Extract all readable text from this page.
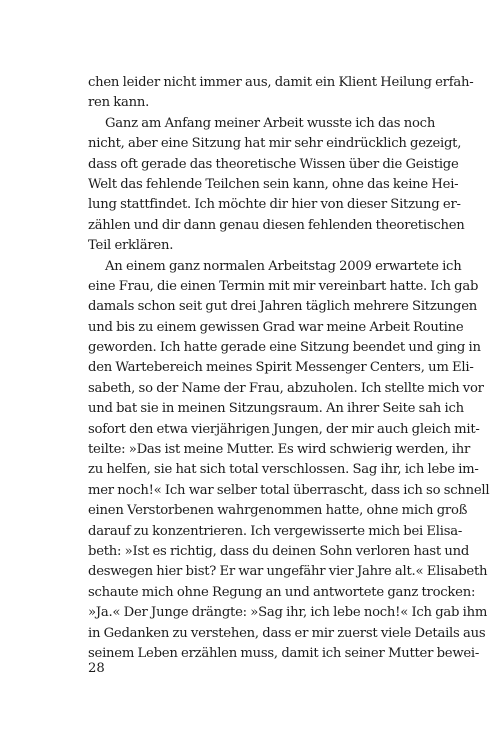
chen leider nicht immer aus, damit ein Klient Heilung erfah-
ren kann.
Ganz am Anfang meiner Arbeit wusste ich das noch
nicht, aber eine Sitzung hat mir sehr eindrücklich gezeigt,
dass oft gerade das theoretische Wissen über die Geistige
Welt das fehlende Teilchen sein kann, ohne das keine Hei-
lung stattfindet. Ich möchte dir hier von dieser Sitzung er-
zählen und dir dann genau diesen fehlenden theoretischen
Teil erklären.
An einem ganz normalen Arbeitstag 2009 erwartete ich
eine Frau, die einen Termin mit mir vereinbart hatte. Ich gab
damals schon seit gut drei Jahren täglich mehrere Sitzungen
und bis zu einem gewissen Grad war meine Arbeit Routine
geworden. Ich hatte gerade eine Sitzung beendet und ging in
den Wartebereich meines Spirit Messenger Centers, um Eli-
sabeth, so der Name der Frau, abzuholen. Ich stellte mich vor
und bat sie in meinen Sitzungsraum. An ihrer Seite sah ich
sofort den etwa vierjährigen Jungen, der mir auch gleich mit-
teilte: »Das ist meine Mutter. Es wird schwierig werden, ihr
zu helfen, sie hat sich total verschlossen. Sag ihr, ich lebe im-
mer noch!« Ich war selber total überrascht, dass ich so schnell
einen Verstorbenen wahrgenommen hatte, ohne mich groß
darauf zu konzentrieren. Ich vergewisserte mich bei Elisa-
beth: »Ist es richtig, dass du deinen Sohn verloren hast und
deswegen hier bist? Er war ungefähr vier Jahre alt.« Elisabeth
schaute mich ohne Regung an und antwortete ganz trocken:
»Ja.« Der Junge drängte: »Sag ihr, ich lebe noch!« Ich gab ihm
in Gedanken zu verstehen, dass er mir zuerst viele Details aus
seinem Leben erzählen muss, damit ich seiner Mutter bewei-
28
